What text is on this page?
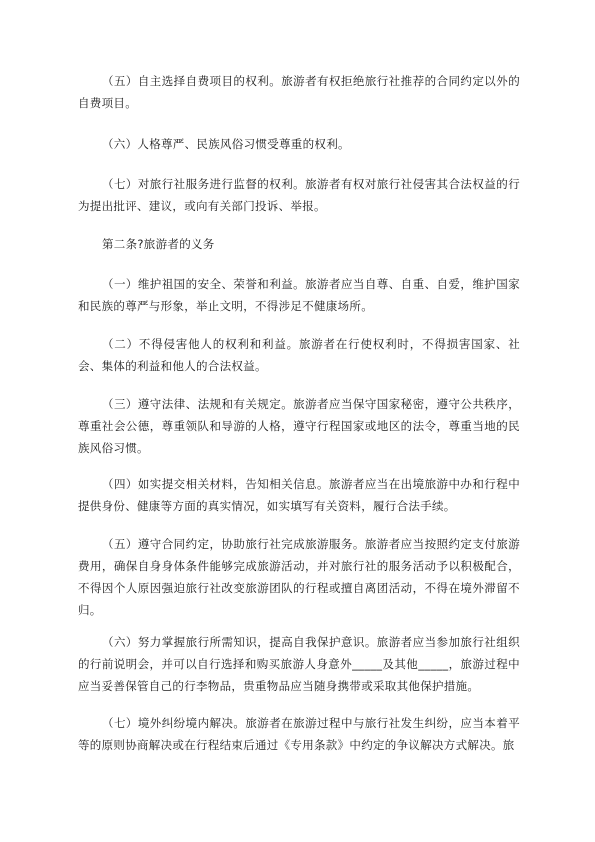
（五）自主选择自费项目的权利。旅游者有权拒绝旅行社推荐的合同约定以外的自费项目。

（六）人格尊严、民族风俗习惯受尊重的权利。

（七）对旅行社服务进行监督的权利。旅游者有权对旅行社侵害其合法权益的行为提出批评、建议，或向有关部门投诉、举报。

第二条?旅游者的义务

（一）维护祖国的安全、荣誉和利益。旅游者应当自尊、自重、自爱，维护国家和民族的尊严与形象，举止文明，不得涉足不健康场所。

（二）不得侵害他人的权利和利益。旅游者在行使权利时，不得损害国家、社会、集体的利益和他人的合法权益。

（三）遵守法律、法规和有关规定。旅游者应当保守国家秘密，遵守公共秩序，尊重社会公德，尊重领队和导游的人格，遵守行程国家或地区的法令，尊重当地的民族风俗习惯。

（四）如实提交相关材料，告知相关信息。旅游者应当在出境旅游中办和行程中提供身份、健康等方面的真实情况，如实填写有关资料，履行合法手续。

（五）遵守合同约定，协助旅行社完成旅游服务。旅游者应当按照约定支付旅游费用，确保自身身体条件能够完成旅游活动，并对旅行社的服务活动予以积极配合，不得因个人原因强迫旅行社改变旅游团队的行程或擅自离团活动，不得在境外滞留不归。

（六）努力掌握旅行所需知识，提高自我保护意识。旅游者应当参加旅行社组织的行前说明会，并可以自行选择和购买旅游人身意外_____及其他_____，旅游过程中应当妥善保管自己的行李物品，贵重物品应当随身携带或采取其他保护措施。

（七）境外纠纷境内解决。旅游者在旅游过程中与旅行社发生纠纷，应当本着平等的原则协商解决或在行程结束后通过《专用条款》中约定的争议解决方式解决。旅
